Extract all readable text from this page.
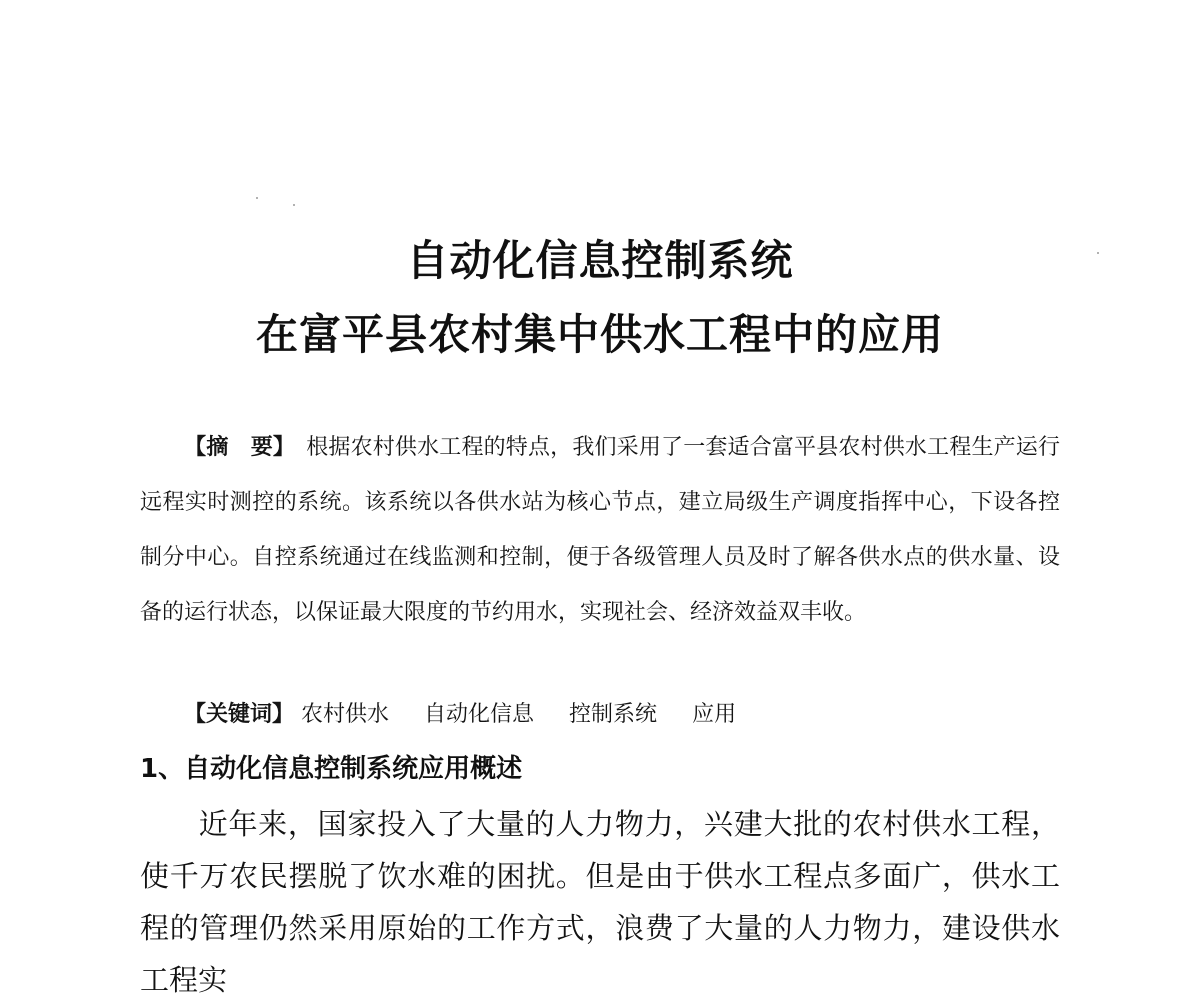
自动化信息控制系统
在富平县农村集中供水工程中的应用
【摘　要】　 根据农村供水工程的特点，我们采用了一套适合富平县农村供水工程生产运行远程实时测控的系统。该系统以各供水站为核心节点，建立局级生产调度指挥中心，下设各控制分中心。自控系统通过在线监测和控制，便于各级管理人员及时了解各供水点的供水量、设备的运行状态，以保证最大限度的节约用水，实现社会、经济效益双丰收。
【关键词】 农村供水 自动化信息 控制系统 应用
1、自动化信息控制系统应用概述
近年来，国家投入了大量的人力物力，兴建大批的农村供水工程，使千万农民摆脱了饮水难的困扰。但是由于供水工程点多面广，供水工程的管理仍然采用原始的工作方式，浪费了大量的人力物力，建设供水工程实
